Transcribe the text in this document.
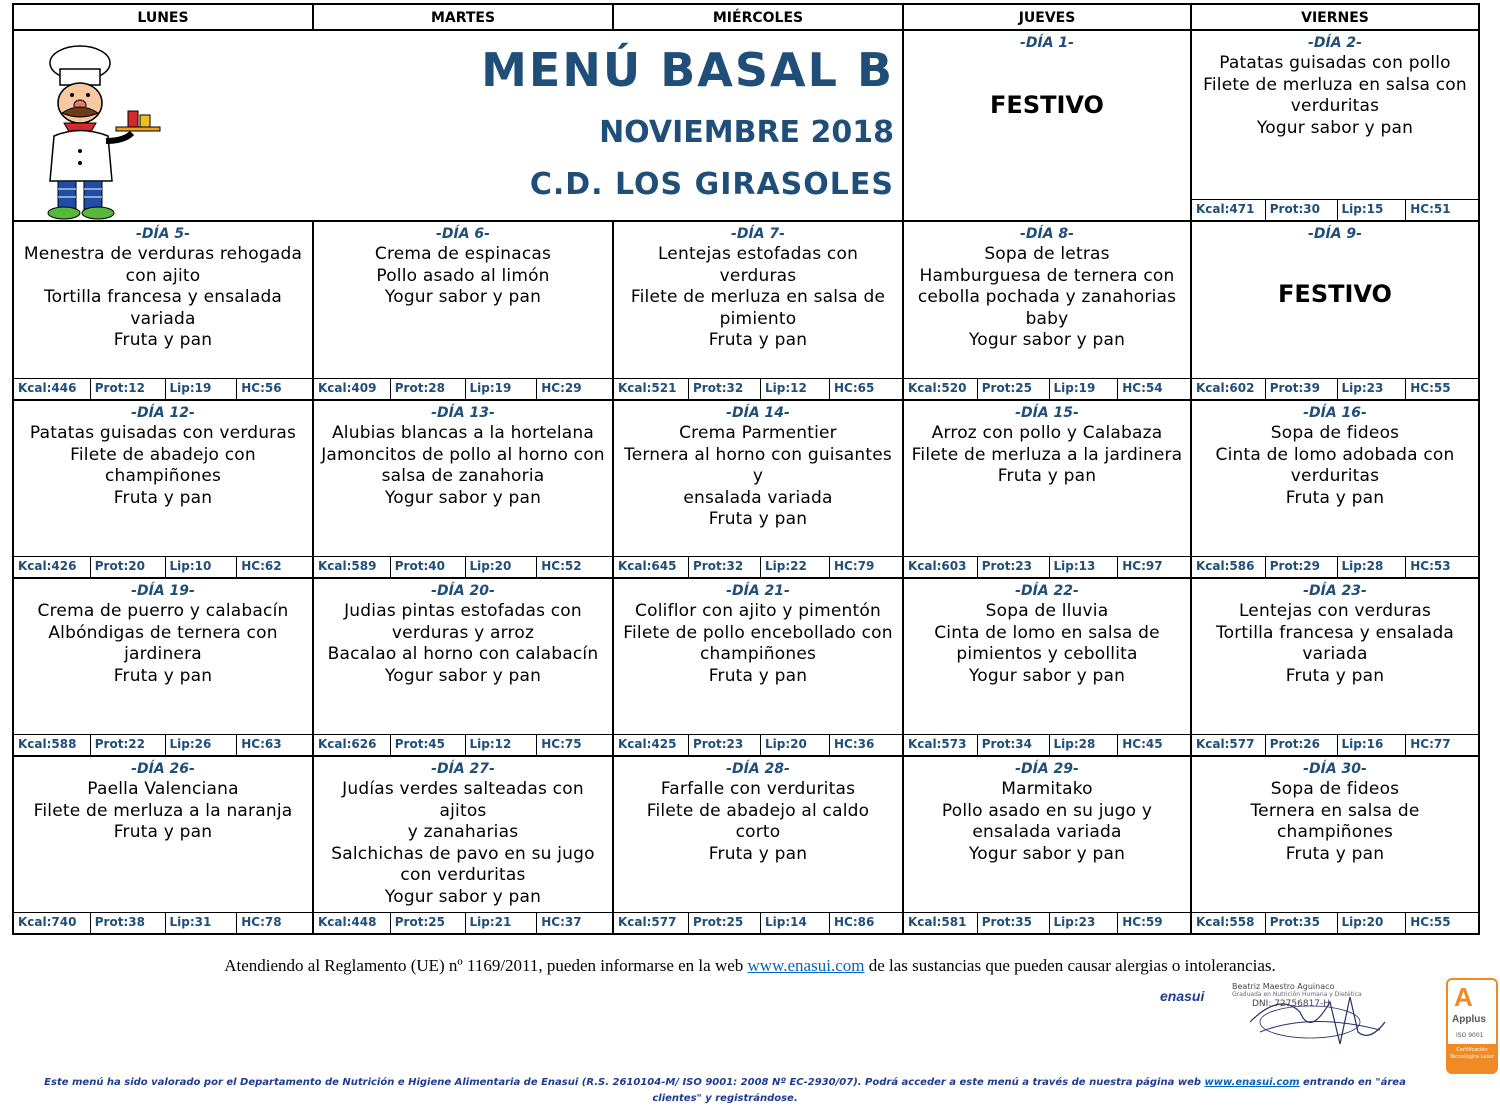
LUNES	MARTES	MIÉRCOLES	JUEVES	VIERNES
MENÚ BASAL B
NOVIEMBRE 2018
C.D. LOS GIRASOLES
-DÍA 1-
FESTIVO
-DÍA 2-
Patatas guisadas con pollo
Filete de merluza en salsa con
verduritas
Yogur sabor y pan
Kcal:471	Prot:30	Lip:15	HC:51
-DÍA 5-
Menestra de verduras rehogada
con ajito
Tortilla francesa y ensalada
variada
Fruta y pan
Kcal:446	Prot:12	Lip:19	HC:56
-DÍA 6-
Crema de espinacas
Pollo asado al limón
Yogur sabor y pan
Kcal:409	Prot:28	Lip:19	HC:29
-DÍA 7-
Lentejas estofadas con verduras
Filete de merluza en salsa de
pimiento
Fruta y pan
Kcal:521	Prot:32	Lip:12	HC:65
-DÍA 8-
Sopa de letras
Hamburguesa de ternera con
cebolla pochada y zanahorias
baby
Yogur sabor y pan
Kcal:520	Prot:25	Lip:19	HC:54
-DÍA 9-
FESTIVO
Kcal:602	Prot:39	Lip:23	HC:55
-DÍA 12-
Patatas guisadas con verduras
Filete de abadejo con
champiñones
Fruta y pan
Kcal:426	Prot:20	Lip:10	HC:62
-DÍA 13-
Alubias blancas a la hortelana
Jamoncitos de pollo al horno con
salsa de zanahoria
Yogur sabor y pan
Kcal:589	Prot:40	Lip:20	HC:52
-DÍA 14-
Crema Parmentier
Ternera al horno con guisantes y
ensalada variada
Fruta y pan
Kcal:645	Prot:32	Lip:22	HC:79
-DÍA 15-
Arroz con pollo y Calabaza
Filete de merluza a la jardinera
Fruta y pan
Kcal:603	Prot:23	Lip:13	HC:97
-DÍA 16-
Sopa de fideos
Cinta de lomo adobada con
verduritas
Fruta y pan
Kcal:586	Prot:29	Lip:28	HC:53
-DÍA 19-
Crema de puerro y calabacín
Albóndigas de ternera con
jardinera
Fruta y pan
Kcal:588	Prot:22	Lip:26	HC:63
-DÍA 20-
Judias pintas estofadas con
verduras y arroz
Bacalao al horno con calabacín
Yogur sabor y pan
Kcal:626	Prot:45	Lip:12	HC:75
-DÍA 21-
Coliflor con ajito y pimentón
Filete de pollo encebollado con
champiñones
Fruta y pan
Kcal:425	Prot:23	Lip:20	HC:36
-DÍA 22-
Sopa de lluvia
Cinta de lomo en salsa de
pimientos y cebollita
Yogur sabor y pan
Kcal:573	Prot:34	Lip:28	HC:45
-DÍA 23-
Lentejas con verduras
Tortilla francesa y ensalada
variada
Fruta y pan
Kcal:577	Prot:26	Lip:16	HC:77
-DÍA 26-
Paella Valenciana
Filete de merluza a la naranja
Fruta y pan
Kcal:740	Prot:38	Lip:31	HC:78
-DÍA 27-
Judías verdes salteadas con ajitos
y zanaharias
Salchichas de pavo en su jugo
con verduritas
Yogur sabor y pan
Kcal:448	Prot:25	Lip:21	HC:37
-DÍA 28-
Farfalle con verduritas
Filete de abadejo al caldo
corto
Fruta y pan
Kcal:577	Prot:25	Lip:14	HC:86
-DÍA 29-
Marmitako
Pollo asado en su jugo y
ensalada variada
Yogur sabor y pan
Kcal:581	Prot:35	Lip:23	HC:59
-DÍA 30-
Sopa de fideos
Ternera en salsa de
champiñones
Fruta y pan
Kcal:558	Prot:35	Lip:20	HC:55
Atendiendo al Reglamento (UE) nº 1169/2011, pueden informarse en la web www.enasui.com de las sustancias que pueden causar alergias o intolerancias.
enasui
Beatriz Maestro Aguinaco
Graduada en Nutrición Humana y Dietética
DNI: 72756817-H	A
Applus
ISO 9001
Certificación Tecnológica Laser
Este menú ha sido valorado por el Departamento de Nutrición e Higiene Alimentaria de Enasui (R.S. 2610104-M/ ISO 9001: 2008 Nº EC-2930/07). Podrá acceder a este menú a través de nuestra página web www.enasui.com entrando en "área
clientes" y registrándose.
